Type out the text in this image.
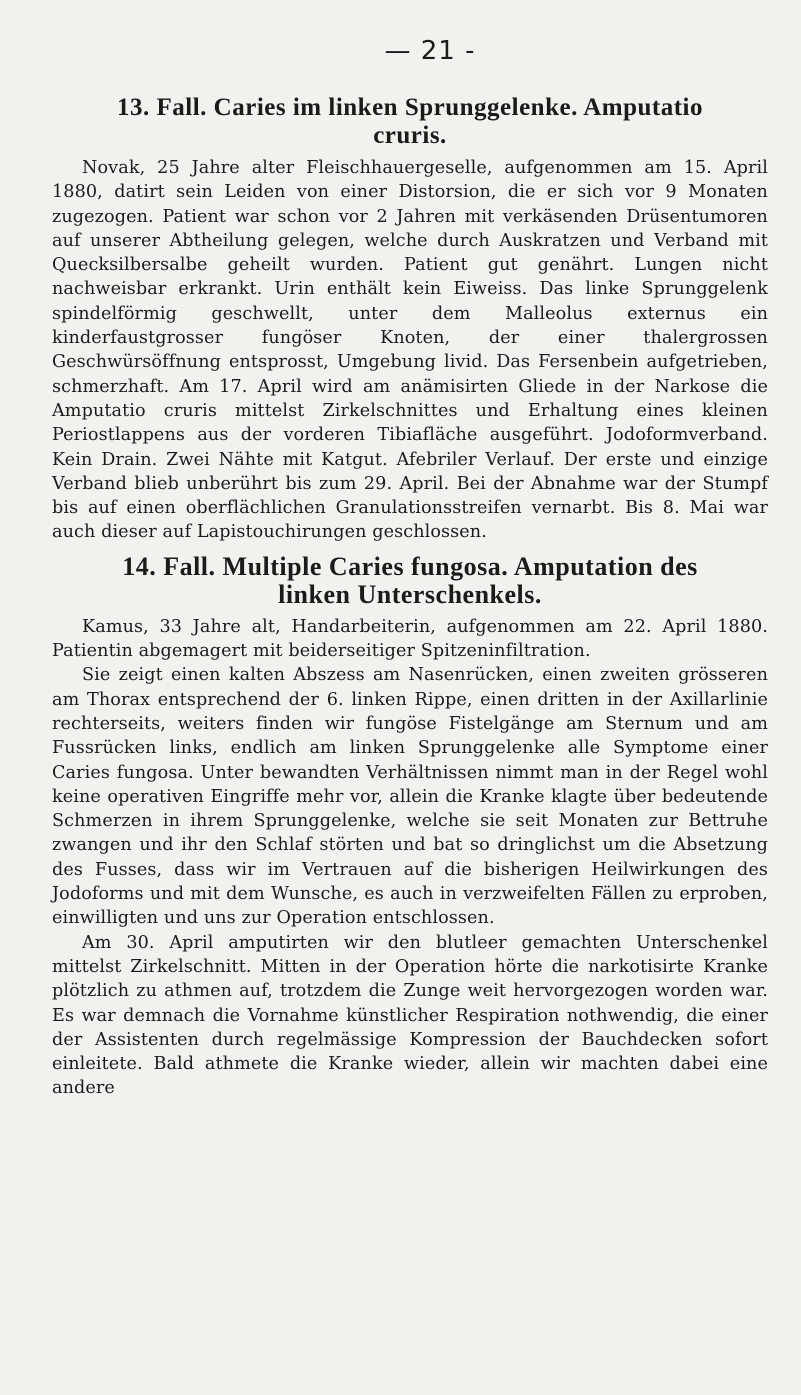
— 21 -
13. Fall. Caries im linken Sprunggelenke. Amputatio
cruris.

Novak, 25 Jahre alter Fleischhauergeselle, aufgenommen am 15. April 1880, datirt sein Leiden von einer Distorsion, die er sich vor 9 Monaten zugezogen. Patient war schon vor 2 Jahren mit verkäsenden Drüsentumoren auf unserer Abtheilung gelegen, welche durch Auskratzen und Verband mit Quecksilbersalbe geheilt wurden. Patient gut genährt. Lungen nicht nachweisbar erkrankt. Urin enthält kein Eiweiss. Das linke Sprunggelenk spindelförmig geschwellt, unter dem Malleolus externus ein kinderfaustgrosser fungöser Knoten, der einer thalergrossen Geschwürsöffnung entsprosst, Umgebung livid. Das Fersenbein aufgetrieben, schmerzhaft. Am 17. April wird am anämisirten Gliede in der Narkose die Amputatio cruris mittelst Zirkelschnittes und Erhaltung eines kleinen Periostlappens aus der vorderen Tibiafläche ausgeführt. Jodoformverband. Kein Drain. Zwei Nähte mit Katgut. Afebriler Verlauf. Der erste und einzige Verband blieb unberührt bis zum 29. April. Bei der Abnahme war der Stumpf bis auf einen oberflächlichen Granulationsstreifen vernarbt. Bis 8. Mai war auch dieser auf Lapistouchirungen geschlossen.

14. Fall. Multiple Caries fungosa. Amputation des
linken Unterschenkels.

Kamus, 33 Jahre alt, Handarbeiterin, aufgenommen am 22. April 1880. Patientin abgemagert mit beiderseitiger Spitzeninfiltration.

Sie zeigt einen kalten Abszess am Nasenrücken, einen zweiten grösseren am Thorax entsprechend der 6. linken Rippe, einen dritten in der Axillarlinie rechterseits, weiters finden wir fungöse Fistelgänge am Sternum und am Fussrücken links, endlich am linken Sprunggelenke alle Symptome einer Caries fungosa. Unter bewandten Verhältnissen nimmt man in der Regel wohl keine operativen Eingriffe mehr vor, allein die Kranke klagte über bedeutende Schmerzen in ihrem Sprunggelenke, welche sie seit Monaten zur Bettruhe zwangen und ihr den Schlaf störten und bat so dringlichst um die Absetzung des Fusses, dass wir im Vertrauen auf die bisherigen Heilwirkungen des Jodoforms und mit dem Wunsche, es auch in verzweifelten Fällen zu erproben, einwilligten und uns zur Operation entschlossen.

Am 30. April amputirten wir den blutleer gemachten Unterschenkel mittelst Zirkelschnitt. Mitten in der Operation hörte die narkotisirte Kranke plötzlich zu athmen auf, trotzdem die Zunge weit hervorgezogen worden war. Es war demnach die Vornahme künstlicher Respiration nothwendig, die einer der Assistenten durch regelmässige Kompression der Bauchdecken sofort einleitete. Bald athmete die Kranke wieder, allein wir machten dabei eine andere
